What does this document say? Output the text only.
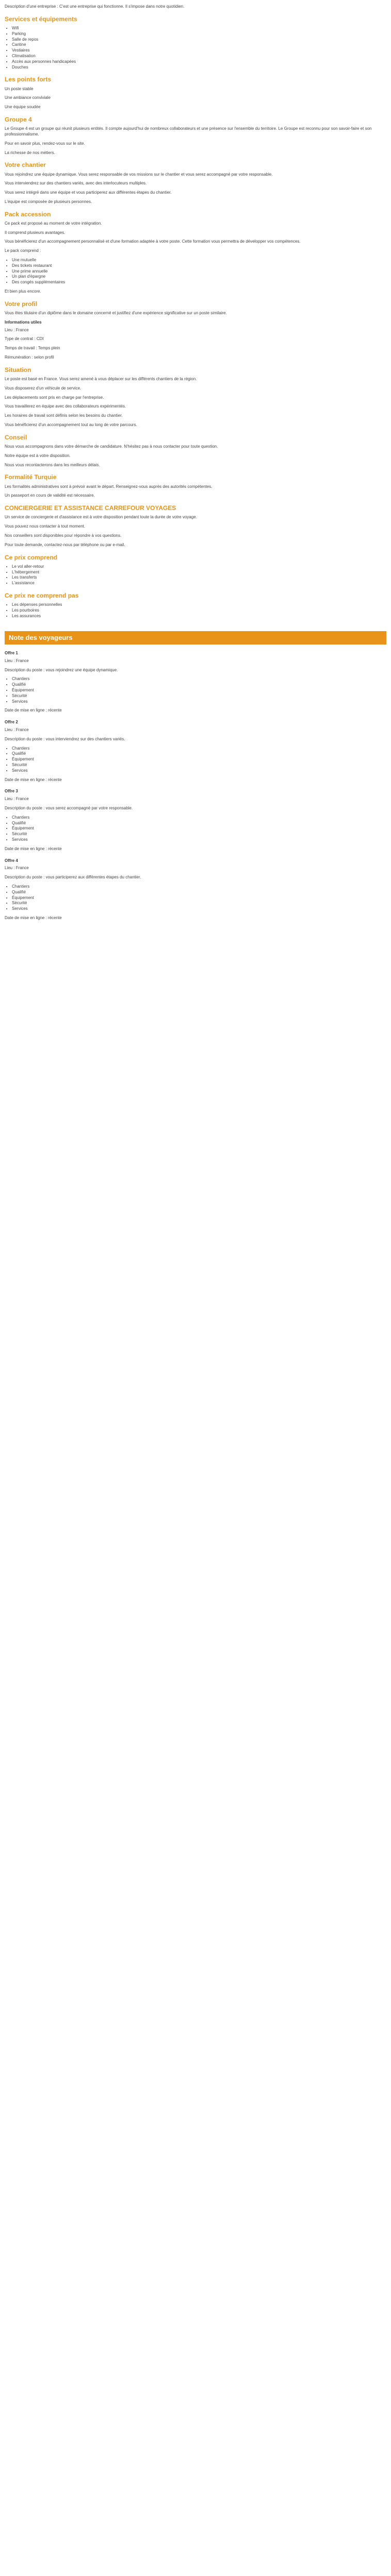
Description d'une entreprise : C'est une entreprise qui fonctionne. Il s'impose dans notre quotidien.

Services et équipements
• Wifi
• Parking
• Salle de repos
• Cantine
• Vestiaires
• Climatisation
• Accès aux personnes handicapées
• Douches
Les points forts

Un poste stable

Une ambiance conviviale

Une équipe soudée

Groupe 4

Le Groupe 4 est un groupe qui réunit plusieurs entités. Il compte aujourd'hui de nombreux collaborateurs et une présence sur l'ensemble du territoire. Le Groupe est reconnu pour son savoir-faire et son professionnalisme.

Pour en savoir plus, rendez-vous sur le site.

La richesse de nos métiers.

Votre chantier

Vous rejoindrez une équipe dynamique. Vous serez responsable de vos missions sur le chantier et vous serez accompagné par votre responsable.

Vous interviendrez sur des chantiers variés, avec des interlocuteurs multiples.

Vous serez intégré dans une équipe et vous participerez aux différentes étapes du chantier.

L'équipe est composée de plusieurs personnes.

Pack accession

Ce pack est proposé au moment de votre intégration.

Il comprend plusieurs avantages.

Vous bénéficierez d'un accompagnement personnalisé et d'une formation adaptée à votre poste. Cette formation vous permettra de développer vos compétences.

Le pack comprend :

• Une mutuelle
• Des tickets restaurant
• Une prime annuelle
• Un plan d'épargne
• Des congés supplémentaires

Et bien plus encore.

Votre profil

Vous êtes titulaire d'un diplôme dans le domaine concerné et justifiez d'une expérience significative sur un poste similaire.

Informations utiles

Lieu : France

Type de contrat : CDI

Temps de travail : Temps plein

Rémunération : selon profil

Situation

Le poste est basé en France. Vous serez amené à vous déplacer sur les différents chantiers de la région.

Vous disposerez d'un véhicule de service.

Les déplacements sont pris en charge par l'entreprise.

Vous travaillerez en équipe avec des collaborateurs expérimentés.

Les horaires de travail sont définis selon les besoins du chantier.

Vous bénéficierez d'un accompagnement tout au long de votre parcours.

Conseil

Nous vous accompagnons dans votre démarche de candidature. N'hésitez pas à nous contacter pour toute question.

Notre équipe est à votre disposition.

Nous vous recontacterons dans les meilleurs délais.

Formalité Turquie

Les formalités administratives sont à prévoir avant le départ. Renseignez-vous auprès des autorités compétentes.

Un passeport en cours de validité est nécessaire.

CONCIERGERIE ET ASSISTANCE CARREFOUR VOYAGES

Un service de conciergerie et d'assistance est à votre disposition pendant toute la durée de votre voyage.

Vous pouvez nous contacter à tout moment.

Nos conseillers sont disponibles pour répondre à vos questions.

Pour toute demande, contactez-nous par téléphone ou par e-mail.

Ce prix comprend
• Le vol aller-retour
• L'hébergement
• Les transferts
• L'assistance
Ce prix ne comprend pas
• Les dépenses personnelles
• Les pourboires
• Les assurances
Note des voyageurs
Offre 1

Lieu : France

Description du poste : vous rejoindrez une équipe dynamique.

• Chantiers
• Qualifié
• Équipement
• Sécurité
• Services

Date de mise en ligne : récente

Offre 2

Lieu : France

Description du poste : vous interviendrez sur des chantiers variés.

• Chantiers
• Qualifié
• Équipement
• Sécurité
• Services

Date de mise en ligne : récente

Offre 3

Lieu : France

Description du poste : vous serez accompagné par votre responsable.

• Chantiers
• Qualifié
• Équipement
• Sécurité
• Services

Date de mise en ligne : récente

Offre 4

Lieu : France

Description du poste : vous participerez aux différentes étapes du chantier.

• Chantiers
• Qualifié
• Équipement
• Sécurité
• Services

Date de mise en ligne : récente
